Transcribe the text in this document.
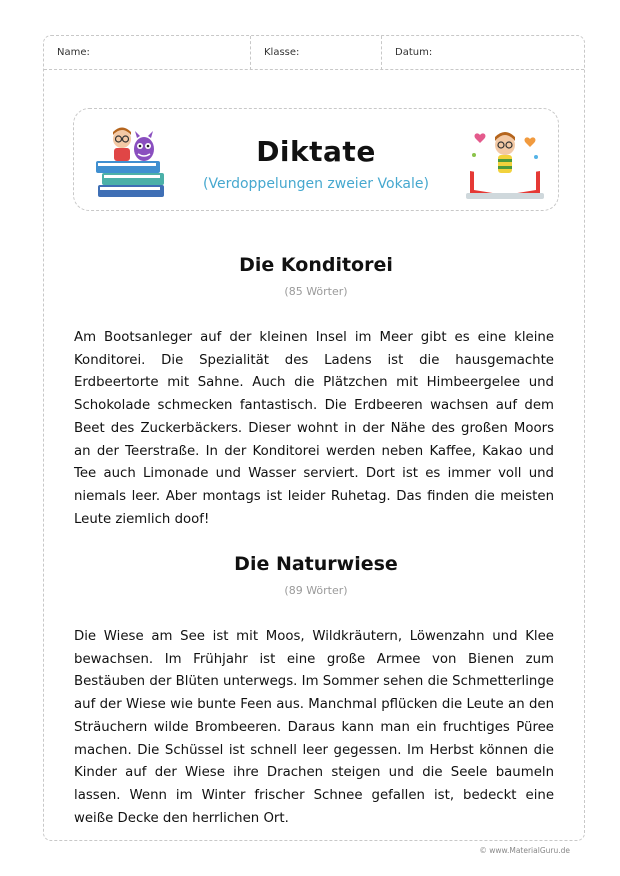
Name:	Klasse:	Datum:
Diktate
(Verdoppelungen zweier Vokale)
Die Konditorei
(85 Wörter)

Am Bootsanleger auf der kleinen Insel im Meer gibt es eine kleine Konditorei. Die Spezialität des Ladens ist die hausgemachte Erdbeertorte mit Sahne. Auch die Plätzchen mit Himbeergelee und Schokolade schmecken fantastisch. Die Erdbeeren wachsen auf dem Beet des Zuckerbäckers. Dieser wohnt in der Nähe des großen Moors an der Teerstraße. In der Konditorei werden neben Kaffee, Kakao und Tee auch Limonade und Wasser serviert. Dort ist es immer voll und niemals leer. Aber montags ist leider Ruhetag. Das finden die meisten Leute ziemlich doof!

Die Naturwiese
(89 Wörter)

Die Wiese am See ist mit Moos, Wildkräutern, Löwenzahn und Klee bewachsen. Im Frühjahr ist eine große Armee von Bienen zum Bestäuben der Blüten unterwegs. Im Sommer sehen die Schmetterlinge auf der Wiese wie bunte Feen aus. Manchmal pflücken die Leute an den Sträuchern wilde Brombeeren. Daraus kann man ein fruchtiges Püree machen. Die Schüssel ist schnell leer gegessen. Im Herbst können die Kinder auf der Wiese ihre Drachen steigen und die Seele baumeln lassen. Wenn im Winter frischer Schnee gefallen ist, bedeckt eine weiße Decke den herrlichen Ort.

© www.MaterialGuru.de
